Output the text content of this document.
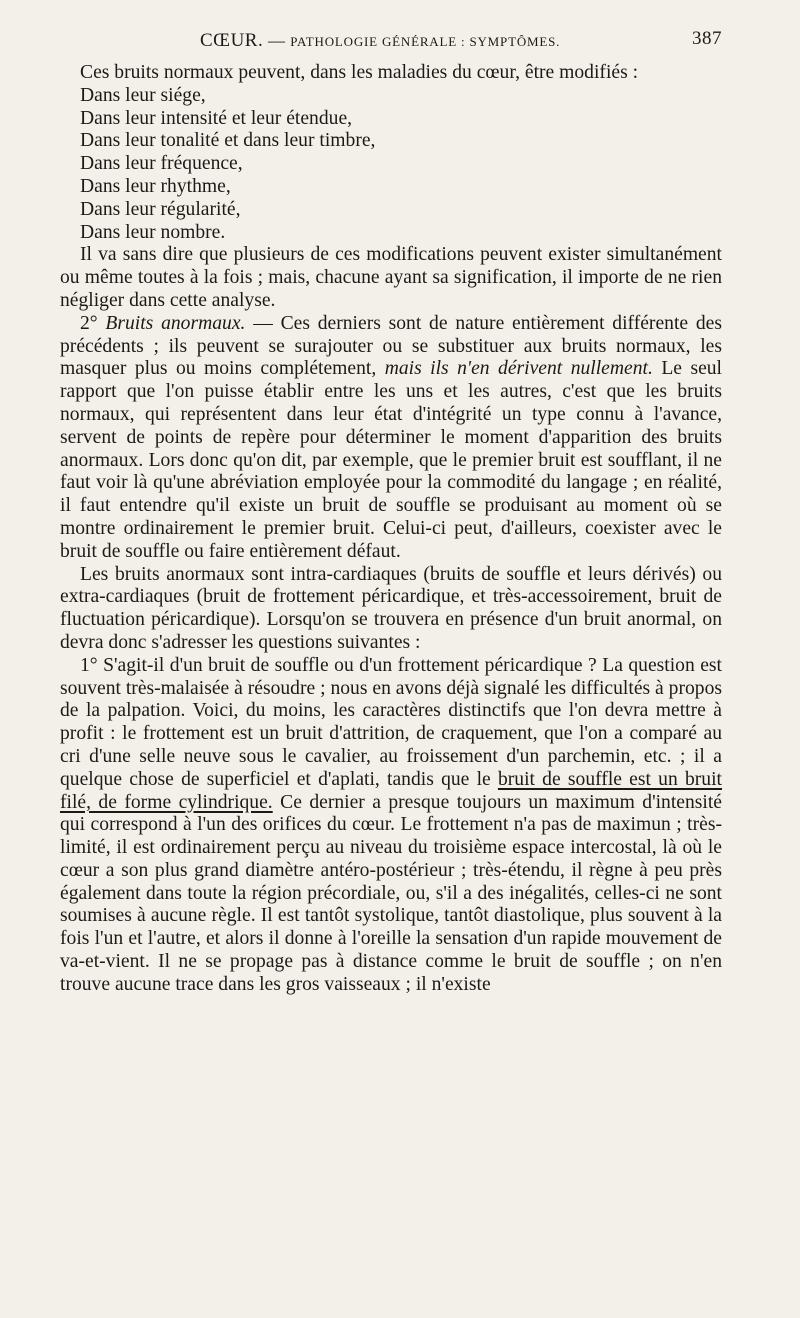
CŒUR. — PATHOLOGIE GÉNÉRALE : SYMPTÔMES.	387

Ces bruits normaux peuvent, dans les maladies du cœur, être modifiés :

Dans leur siége,
Dans leur intensité et leur étendue,
Dans leur tonalité et dans leur timbre,
Dans leur fréquence,
Dans leur rhythme,
Dans leur régularité,
Dans leur nombre.

Il va sans dire que plusieurs de ces modifications peuvent exister simultanément ou même toutes à la fois ; mais, chacune ayant sa signification, il importe de ne rien négliger dans cette analyse.

2° Bruits anormaux. — Ces derniers sont de nature entièrement différente des précédents ; ils peuvent se surajouter ou se substituer aux bruits normaux, les masquer plus ou moins complétement, mais ils n'en dérivent nullement. Le seul rapport que l'on puisse établir entre les uns et les autres, c'est que les bruits normaux, qui représentent dans leur état d'intégrité un type connu à l'avance, servent de points de repère pour déterminer le moment d'apparition des bruits anormaux. Lors donc qu'on dit, par exemple, que le premier bruit est soufflant, il ne faut voir là qu'une abréviation employée pour la commodité du langage ; en réalité, il faut entendre qu'il existe un bruit de souffle se produisant au moment où se montre ordinairement le premier bruit. Celui-ci peut, d'ailleurs, coexister avec le bruit de souffle ou faire entièrement défaut.

Les bruits anormaux sont intra-cardiaques (bruits de souffle et leurs dérivés) ou extra-cardiaques (bruit de frottement péricardique, et très-accessoirement, bruit de fluctuation péricardique). Lorsqu'on se trouvera en présence d'un bruit anormal, on devra donc s'adresser les questions suivantes :

1° S'agit-il d'un bruit de souffle ou d'un frottement péricardique ? La question est souvent très-malaisée à résoudre ; nous en avons déjà signalé les difficultés à propos de la palpation. Voici, du moins, les caractères distinctifs que l'on devra mettre à profit : le frottement est un bruit d'attrition, de craquement, que l'on a comparé au cri d'une selle neuve sous le cavalier, au froissement d'un parchemin, etc. ; il a quelque chose de superficiel et d'aplati, tandis que le bruit de souffle est un bruit filé, de forme cylindrique. Ce dernier a presque toujours un maximum d'intensité qui correspond à l'un des orifices du cœur. Le frottement n'a pas de maximun ; très-limité, il est ordinairement perçu au niveau du troisième espace intercostal, là où le cœur a son plus grand diamètre antéro-postérieur ; très-étendu, il règne à peu près également dans toute la région précordiale, ou, s'il a des inégalités, celles-ci ne sont soumises à aucune règle. Il est tantôt systolique, tantôt diastolique, plus souvent à la fois l'un et l'autre, et alors il donne à l'oreille la sensation d'un rapide mouvement de va-et-vient. Il ne se propage pas à distance comme le bruit de souffle ; on n'en trouve aucune trace dans les gros vaisseaux ; il n'existe
